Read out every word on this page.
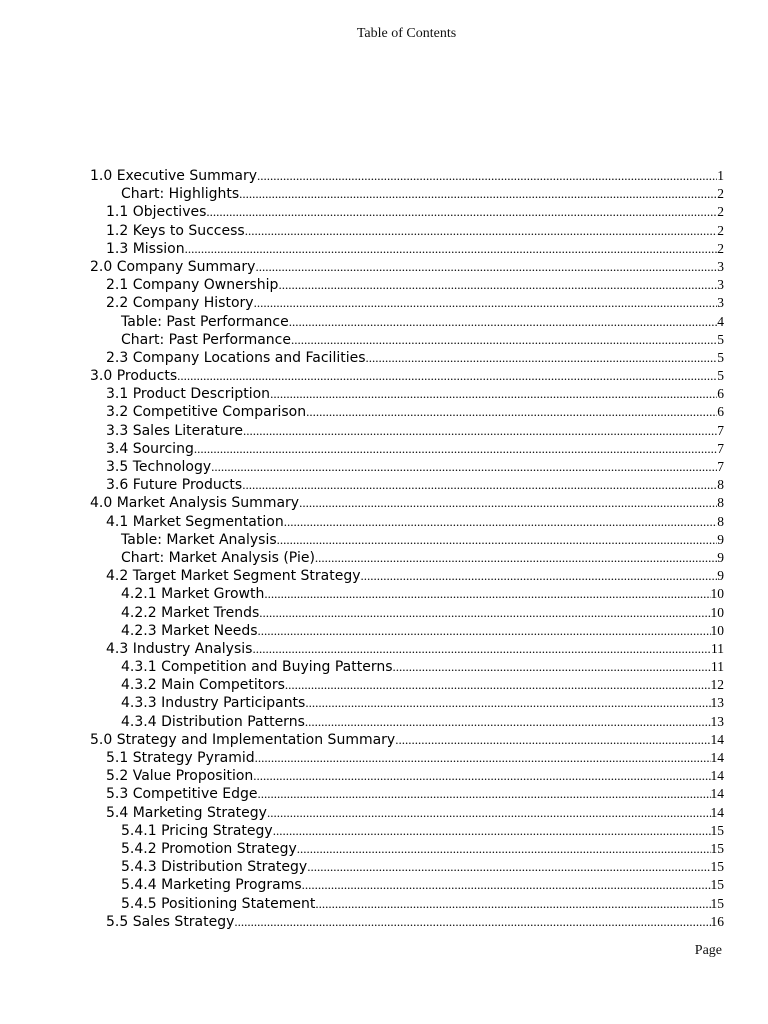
Table of Contents
1.0 Executive Summary .....	1
Chart: Highlights .....	2
1.1 Objectives .....	2
1.2 Keys to Success .....	2
1.3 Mission .....	2
2.0 Company Summary .....	3
2.1 Company Ownership .....	3
2.2 Company History .....	3
Table: Past Performance .....	4
Chart: Past Performance .....	5
2.3 Company Locations and Facilities .....	5
3.0 Products .....	5
3.1 Product Description .....	6
3.2 Competitive Comparison .....	6
3.3 Sales Literature .....	7
3.4 Sourcing .....	7
3.5 Technology .....	7
3.6 Future Products .....	8
4.0 Market Analysis Summary .....	8
4.1 Market Segmentation .....	8
Table: Market Analysis .....	9
Chart: Market Analysis (Pie) .....	9
4.2 Target Market Segment Strategy .....	9
4.2.1 Market Growth .....	10
4.2.2 Market Trends .....	10
4.2.3 Market Needs .....	10
4.3 Industry Analysis .....	11
4.3.1 Competition and Buying Patterns .....	11
4.3.2 Main Competitors .....	12
4.3.3 Industry Participants .....	13
4.3.4 Distribution Patterns .....	13
5.0 Strategy and Implementation Summary .....	14
5.1 Strategy Pyramid .....	14
5.2 Value Proposition .....	14
5.3 Competitive Edge .....	14
5.4 Marketing Strategy .....	14
5.4.1 Pricing Strategy .....	15
5.4.2 Promotion Strategy .....	15
5.4.3 Distribution Strategy .....	15
5.4.4 Marketing Programs .....	15
5.4.5 Positioning Statement .....	15
5.5 Sales Strategy .....	16
Page
